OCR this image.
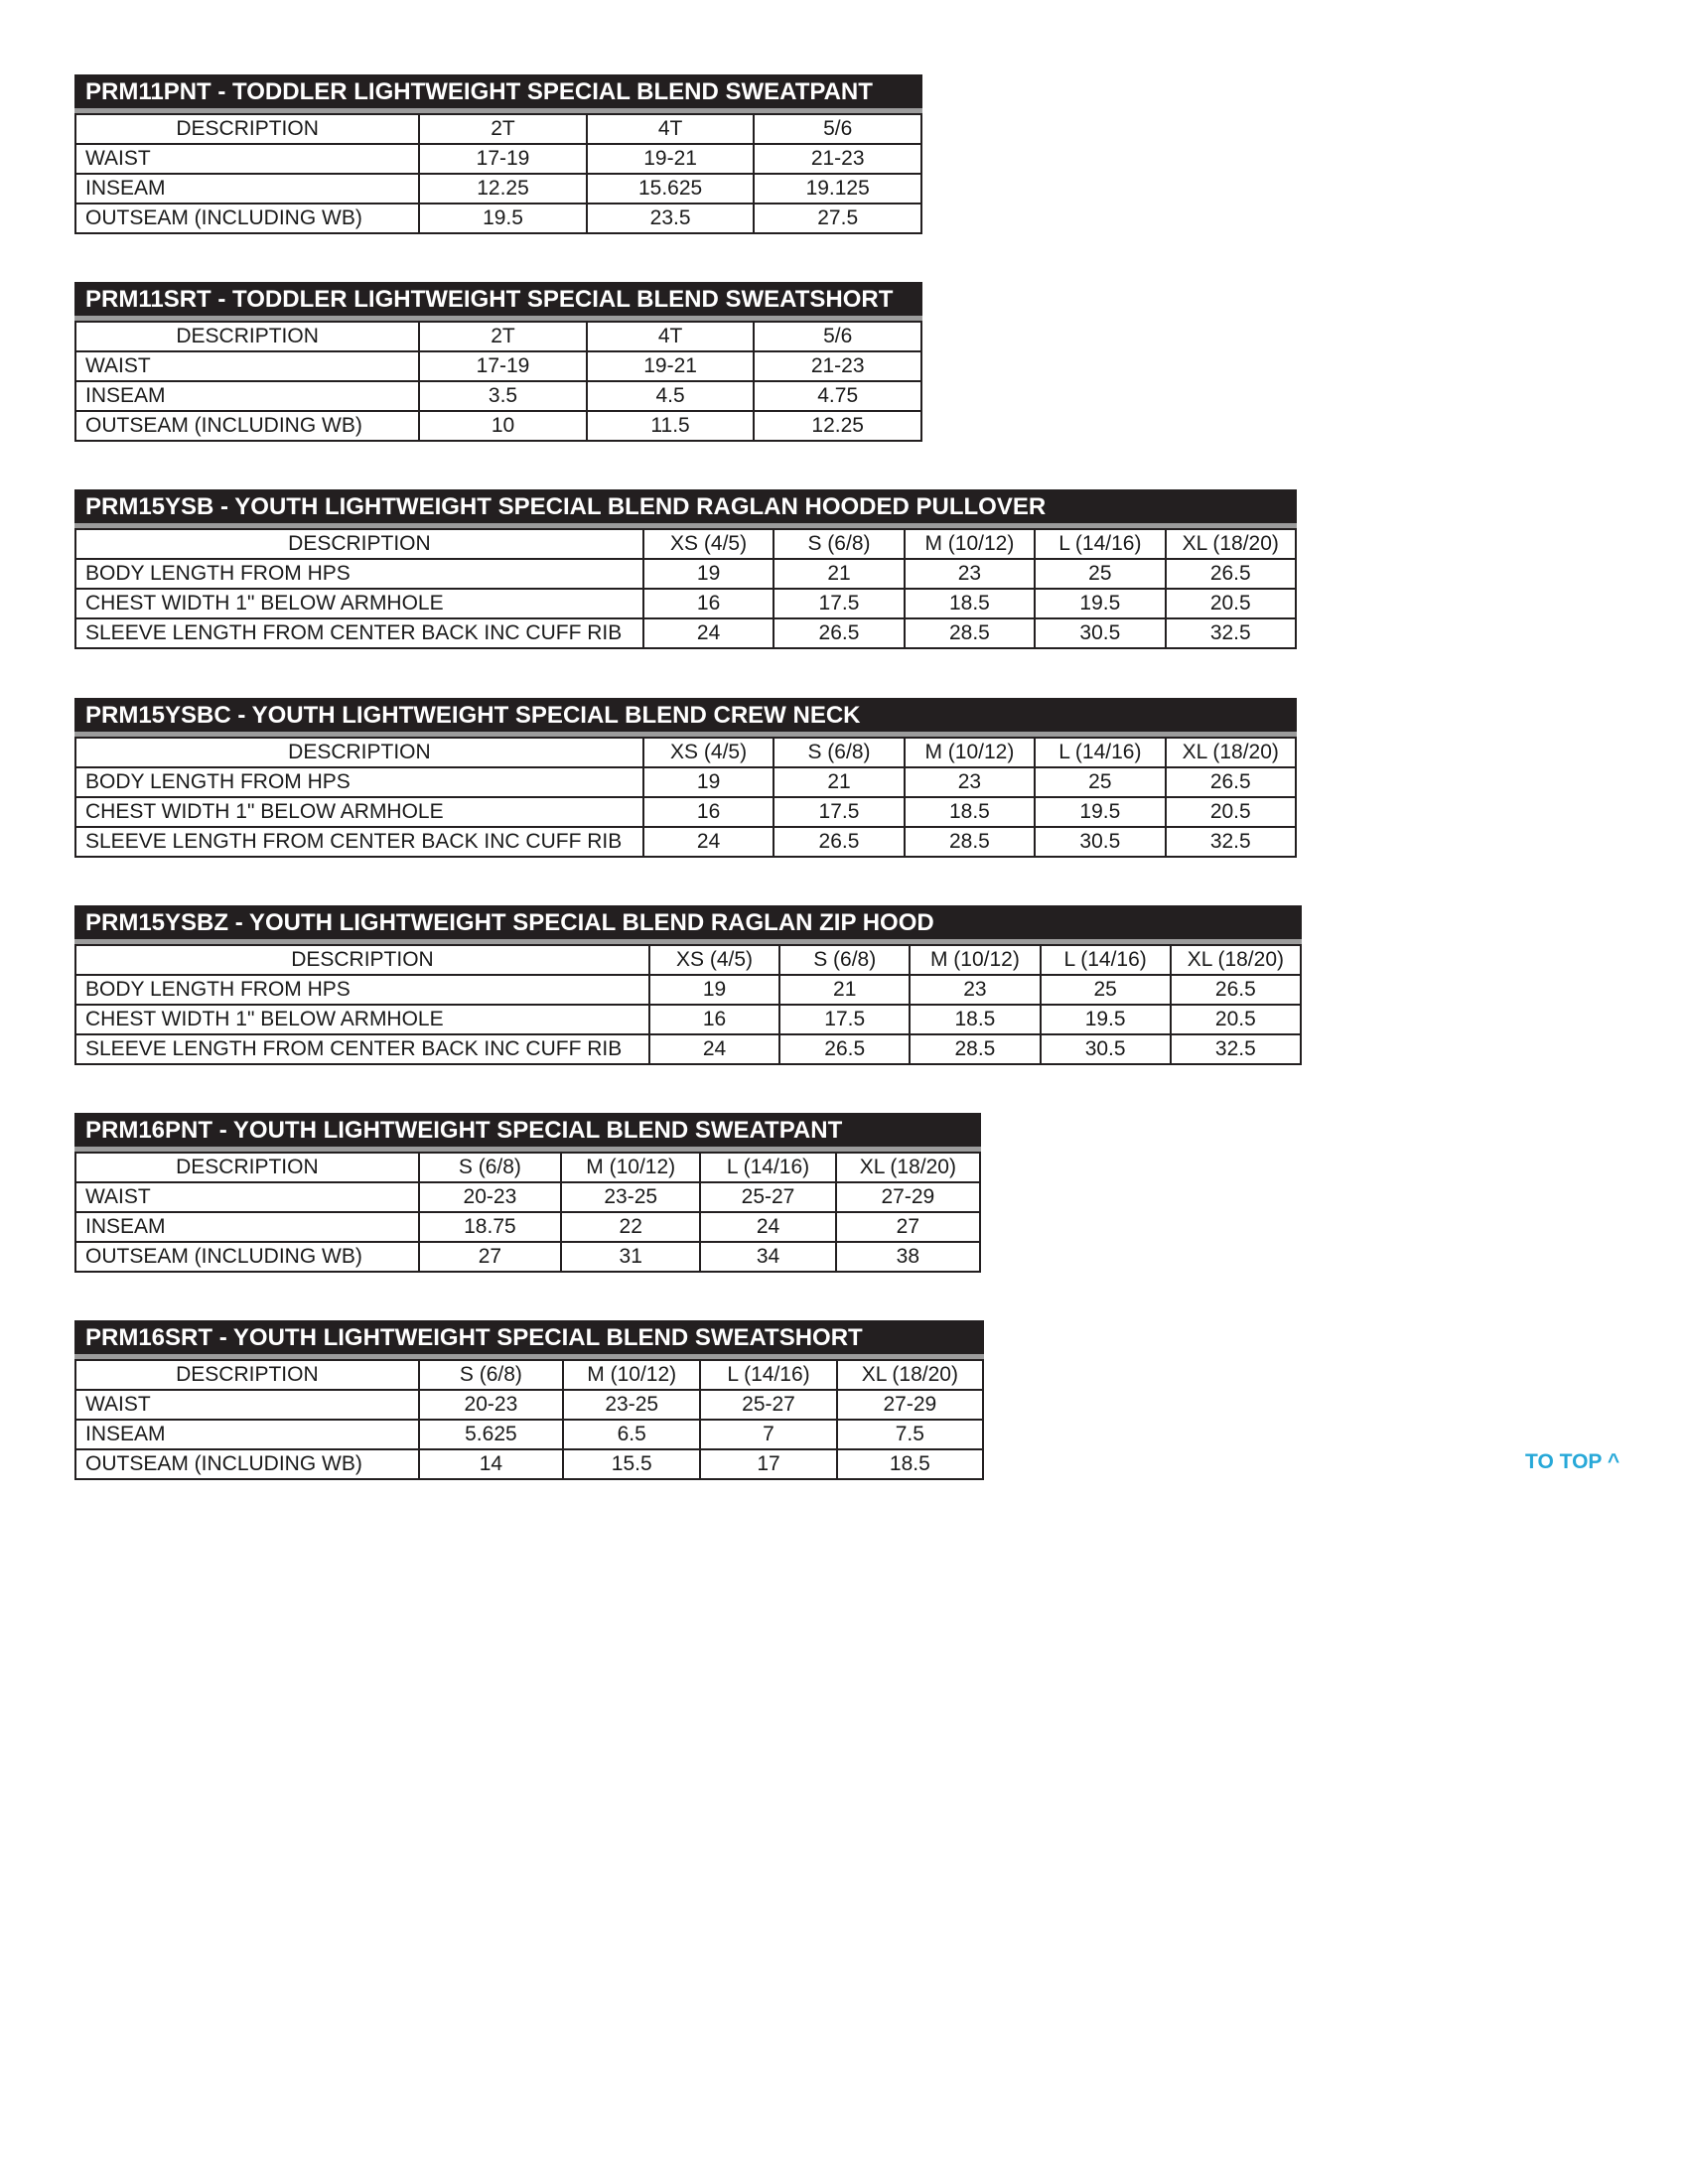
PRM11PNT - TODDLER LIGHTWEIGHT SPECIAL BLEND SWEATPANT
DESCRIPTION	2T	4T	5/6
WAIST	17-19	19-21	21-23
INSEAM	12.25	15.625	19.125
OUTSEAM (INCLUDING WB)	19.5	23.5	27.5
PRM11SRT - TODDLER LIGHTWEIGHT SPECIAL BLEND SWEATSHORT
DESCRIPTION	2T	4T	5/6
WAIST	17-19	19-21	21-23
INSEAM	3.5	4.5	4.75
OUTSEAM (INCLUDING WB)	10	11.5	12.25
PRM15YSB - YOUTH LIGHTWEIGHT SPECIAL BLEND RAGLAN HOODED PULLOVER
DESCRIPTION	XS (4/5)	S (6/8)	M (10/12)	L (14/16)	XL (18/20)
BODY LENGTH FROM HPS	19	21	23	25	26.5
CHEST WIDTH 1" BELOW ARMHOLE	16	17.5	18.5	19.5	20.5
SLEEVE LENGTH FROM CENTER BACK INC CUFF RIB	24	26.5	28.5	30.5	32.5
PRM15YSBC - YOUTH LIGHTWEIGHT SPECIAL BLEND CREW NECK
DESCRIPTION	XS (4/5)	S (6/8)	M (10/12)	L (14/16)	XL (18/20)
BODY LENGTH FROM HPS	19	21	23	25	26.5
CHEST WIDTH 1" BELOW ARMHOLE	16	17.5	18.5	19.5	20.5
SLEEVE LENGTH FROM CENTER BACK INC CUFF RIB	24	26.5	28.5	30.5	32.5
PRM15YSBZ - YOUTH LIGHTWEIGHT SPECIAL BLEND RAGLAN ZIP HOOD
DESCRIPTION	XS (4/5)	S (6/8)	M (10/12)	L (14/16)	XL (18/20)
BODY LENGTH FROM HPS	19	21	23	25	26.5
CHEST WIDTH 1" BELOW ARMHOLE	16	17.5	18.5	19.5	20.5
SLEEVE LENGTH FROM CENTER BACK INC CUFF RIB	24	26.5	28.5	30.5	32.5
PRM16PNT - YOUTH LIGHTWEIGHT SPECIAL BLEND SWEATPANT
DESCRIPTION	S (6/8)	M (10/12)	L (14/16)	XL (18/20)
WAIST	20-23	23-25	25-27	27-29
INSEAM	18.75	22	24	27
OUTSEAM (INCLUDING WB)	27	31	34	38
PRM16SRT - YOUTH LIGHTWEIGHT SPECIAL BLEND SWEATSHORT
DESCRIPTION	S (6/8)	M (10/12)	L (14/16)	XL (18/20)
WAIST	20-23	23-25	25-27	27-29
INSEAM	5.625	6.5	7	7.5
OUTSEAM (INCLUDING WB)	14	15.5	17	18.5	TO TOP ^
